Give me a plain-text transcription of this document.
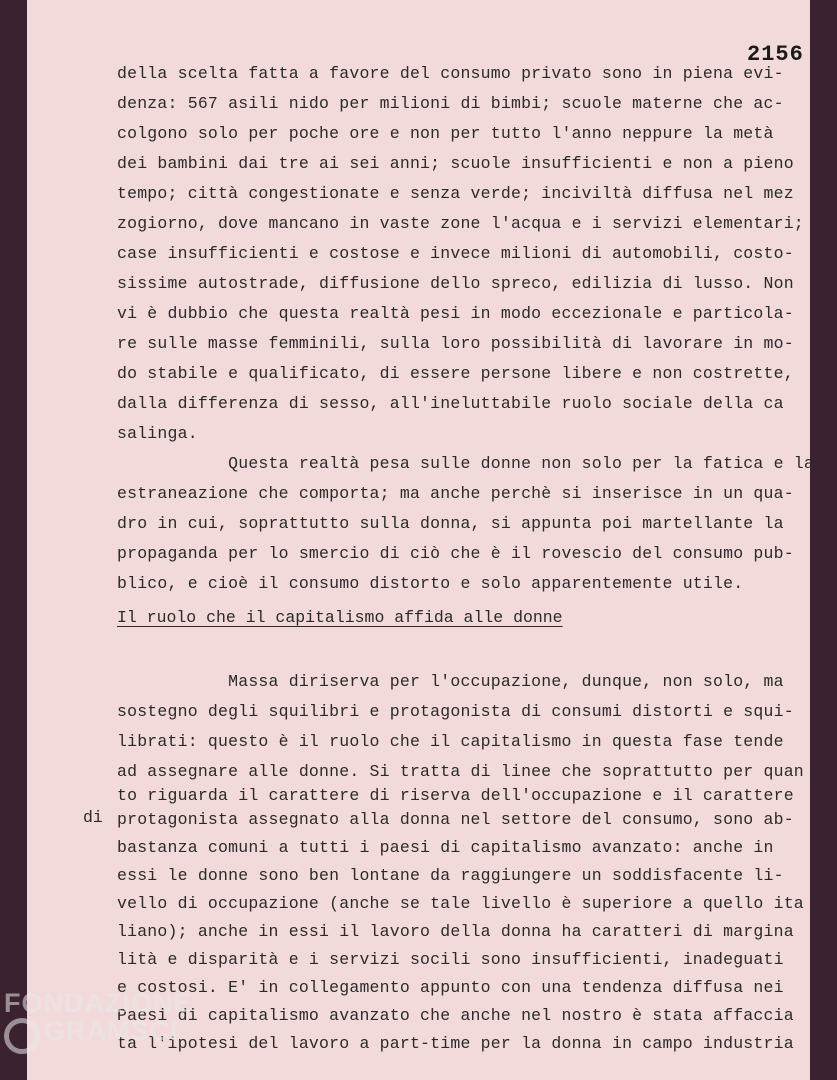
2156
di
della scelta fatta a favore del consumo privato sono in piena evi-
denza: 567 asili nido per milioni di bimbi; scuole materne che ac-
colgono solo per poche ore e non per tutto l'anno neppure la metà
dei bambini dai tre ai sei anni; scuole insufficienti e non a pieno
tempo; città congestionate e senza verde; inciviltà diffusa nel mez
zogiorno, dove mancano in vaste zone l'acqua e i servizi elementari;
case insufficienti e costose e invece milioni di automobili, costo-
sissime autostrade, diffusione dello spreco, edilizia di lusso. Non
vi è dubbio che questa realtà pesi in modo eccezionale e particola-
re sulle masse femminili, sulla loro possibilità di lavorare in mo-
do stabile e qualificato, di essere persone libere e non costrette,
dalla differenza di sesso, all'ineluttabile ruolo sociale della ca
salinga.
Questa realtà pesa sulle donne non solo per la fatica e la
estraneazione che comporta; ma anche perchè si inserisce in un qua-
dro in cui, soprattutto sulla donna, si appunta poi martellante la
propaganda per lo smercio di ciò che è il rovescio del consumo pub-
blico, e cioè il consumo distorto e solo apparentemente utile.
Il ruolo che il capitalismo affida alle donne
Massa diriserva per l'occupazione, dunque, non solo, ma
sostegno degli squilibri e protagonista di consumi distorti e squi-
librati: questo è il ruolo che il capitalismo in questa fase tende
ad assegnare alle donne. Si tratta di linee che soprattutto per quan
to riguarda il carattere di riserva dell'occupazione e il carattere
protagonista assegnato alla donna nel settore del consumo, sono ab-
bastanza comuni a tutti i paesi di capitalismo avanzato: anche in
essi le donne sono ben lontane da raggiungere un soddisfacente li-
vello di occupazione (anche se tale livello è superiore a quello ita
liano); anche in essi il lavoro della donna ha caratteri di margina
lità e disparità e i servizi socili sono insufficienti, inadeguati
e costosi. E' in collegamento appunto con una tendenza diffusa nei
Paesi di capitalismo avanzato che anche nel nostro è stata affaccia
ta l'ipotesi del lavoro a part-time per la donna in campo industria
FONDAZIONE
GRAMSCI
